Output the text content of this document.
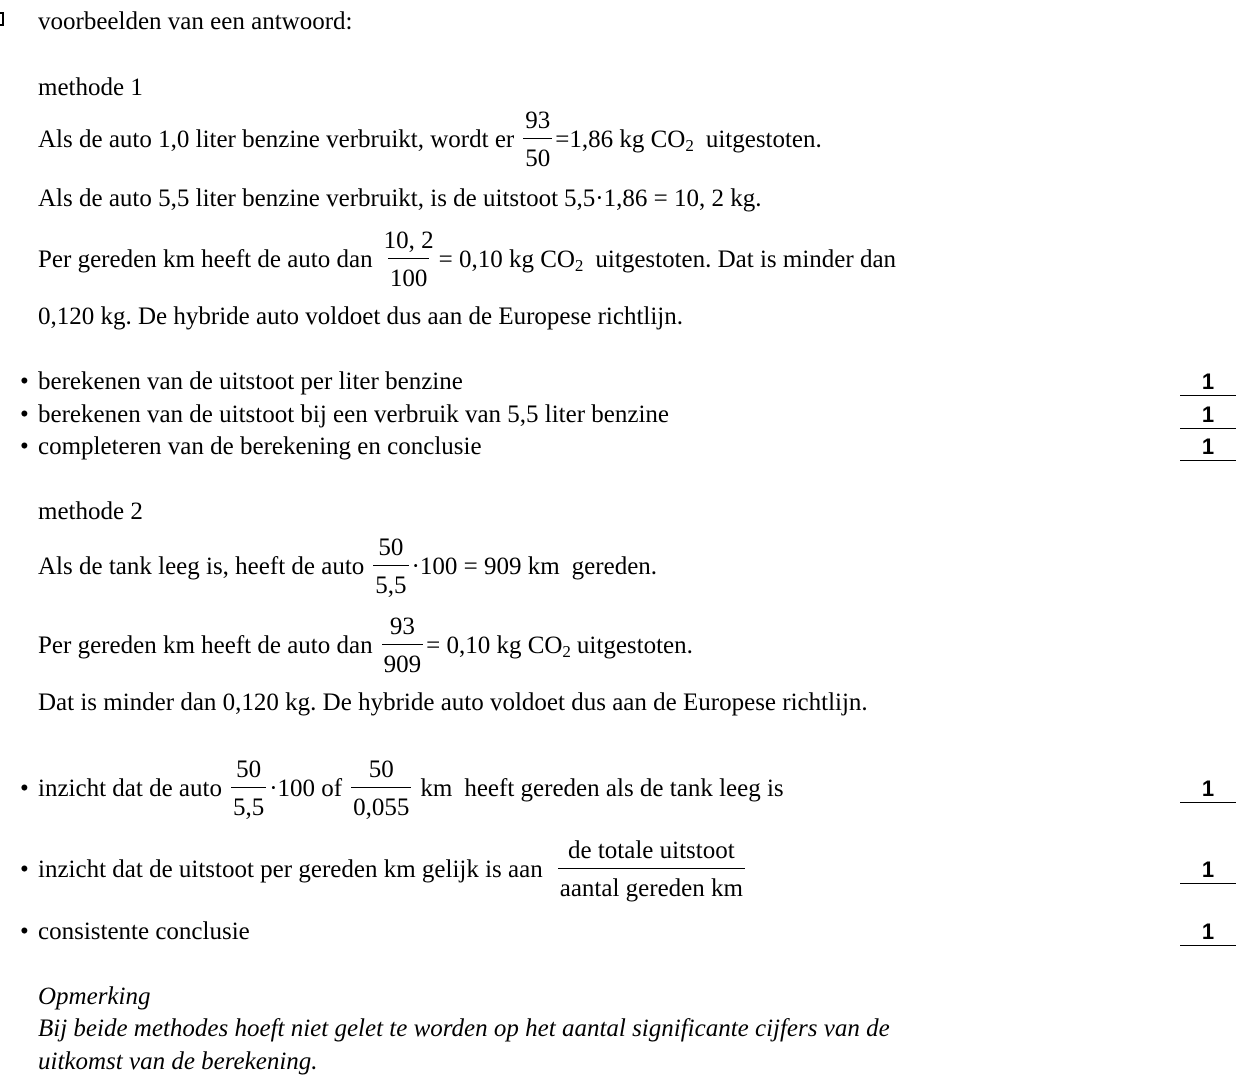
voorbeelden van een antwoord:
methode 1
Als de auto 1,0 liter benzine verbruikt, wordt er $\frac{93}{50} =1,86$ kg CO 2 uitgestoten.
Als de auto 5,5 liter benzine verbruikt, is de uitstoot 5,5·1,86 = 10, 2 kg.
Per gereden km heeft de auto dan $\frac{10, 2}{100} = 0,10$ kg CO 2 uitgestoten. Dat is minder dan
0,120 kg. De hybride auto voldoet dus aan de Europese richtlijn.
• berekenen van de uitstoot per liter benzine	1
• berekenen van de uitstoot bij een verbruik van 5,5 liter benzine	1
• completeren van de berekening en conclusie	1
methode 2
Als de tank leeg is, heeft de auto $\frac{50}{5,5} \cdot 100 = 909$ km gereden.
Per gereden km heeft de auto dan $\frac{93}{909} = 0,10$ kg CO 2 uitgestoten.
Dat is minder dan 0,120 kg. De hybride auto voldoet dus aan de Europese richtlijn.
• inzicht dat de auto $\frac{50}{5,5} \cdot 100$ of $\frac{50}{0,055}$ km heeft gereden als de tank leeg is	1
• inzicht dat de uitstoot per gereden km gelijk is aan $\frac{\text{de totale uitstoot}}{\text{aantal gereden km}}$	1
• consistente conclusie	1
Opmerking
Bij beide methodes hoeft niet gelet te worden op het aantal significante cijfers van de
uitkomst van de berekening.
